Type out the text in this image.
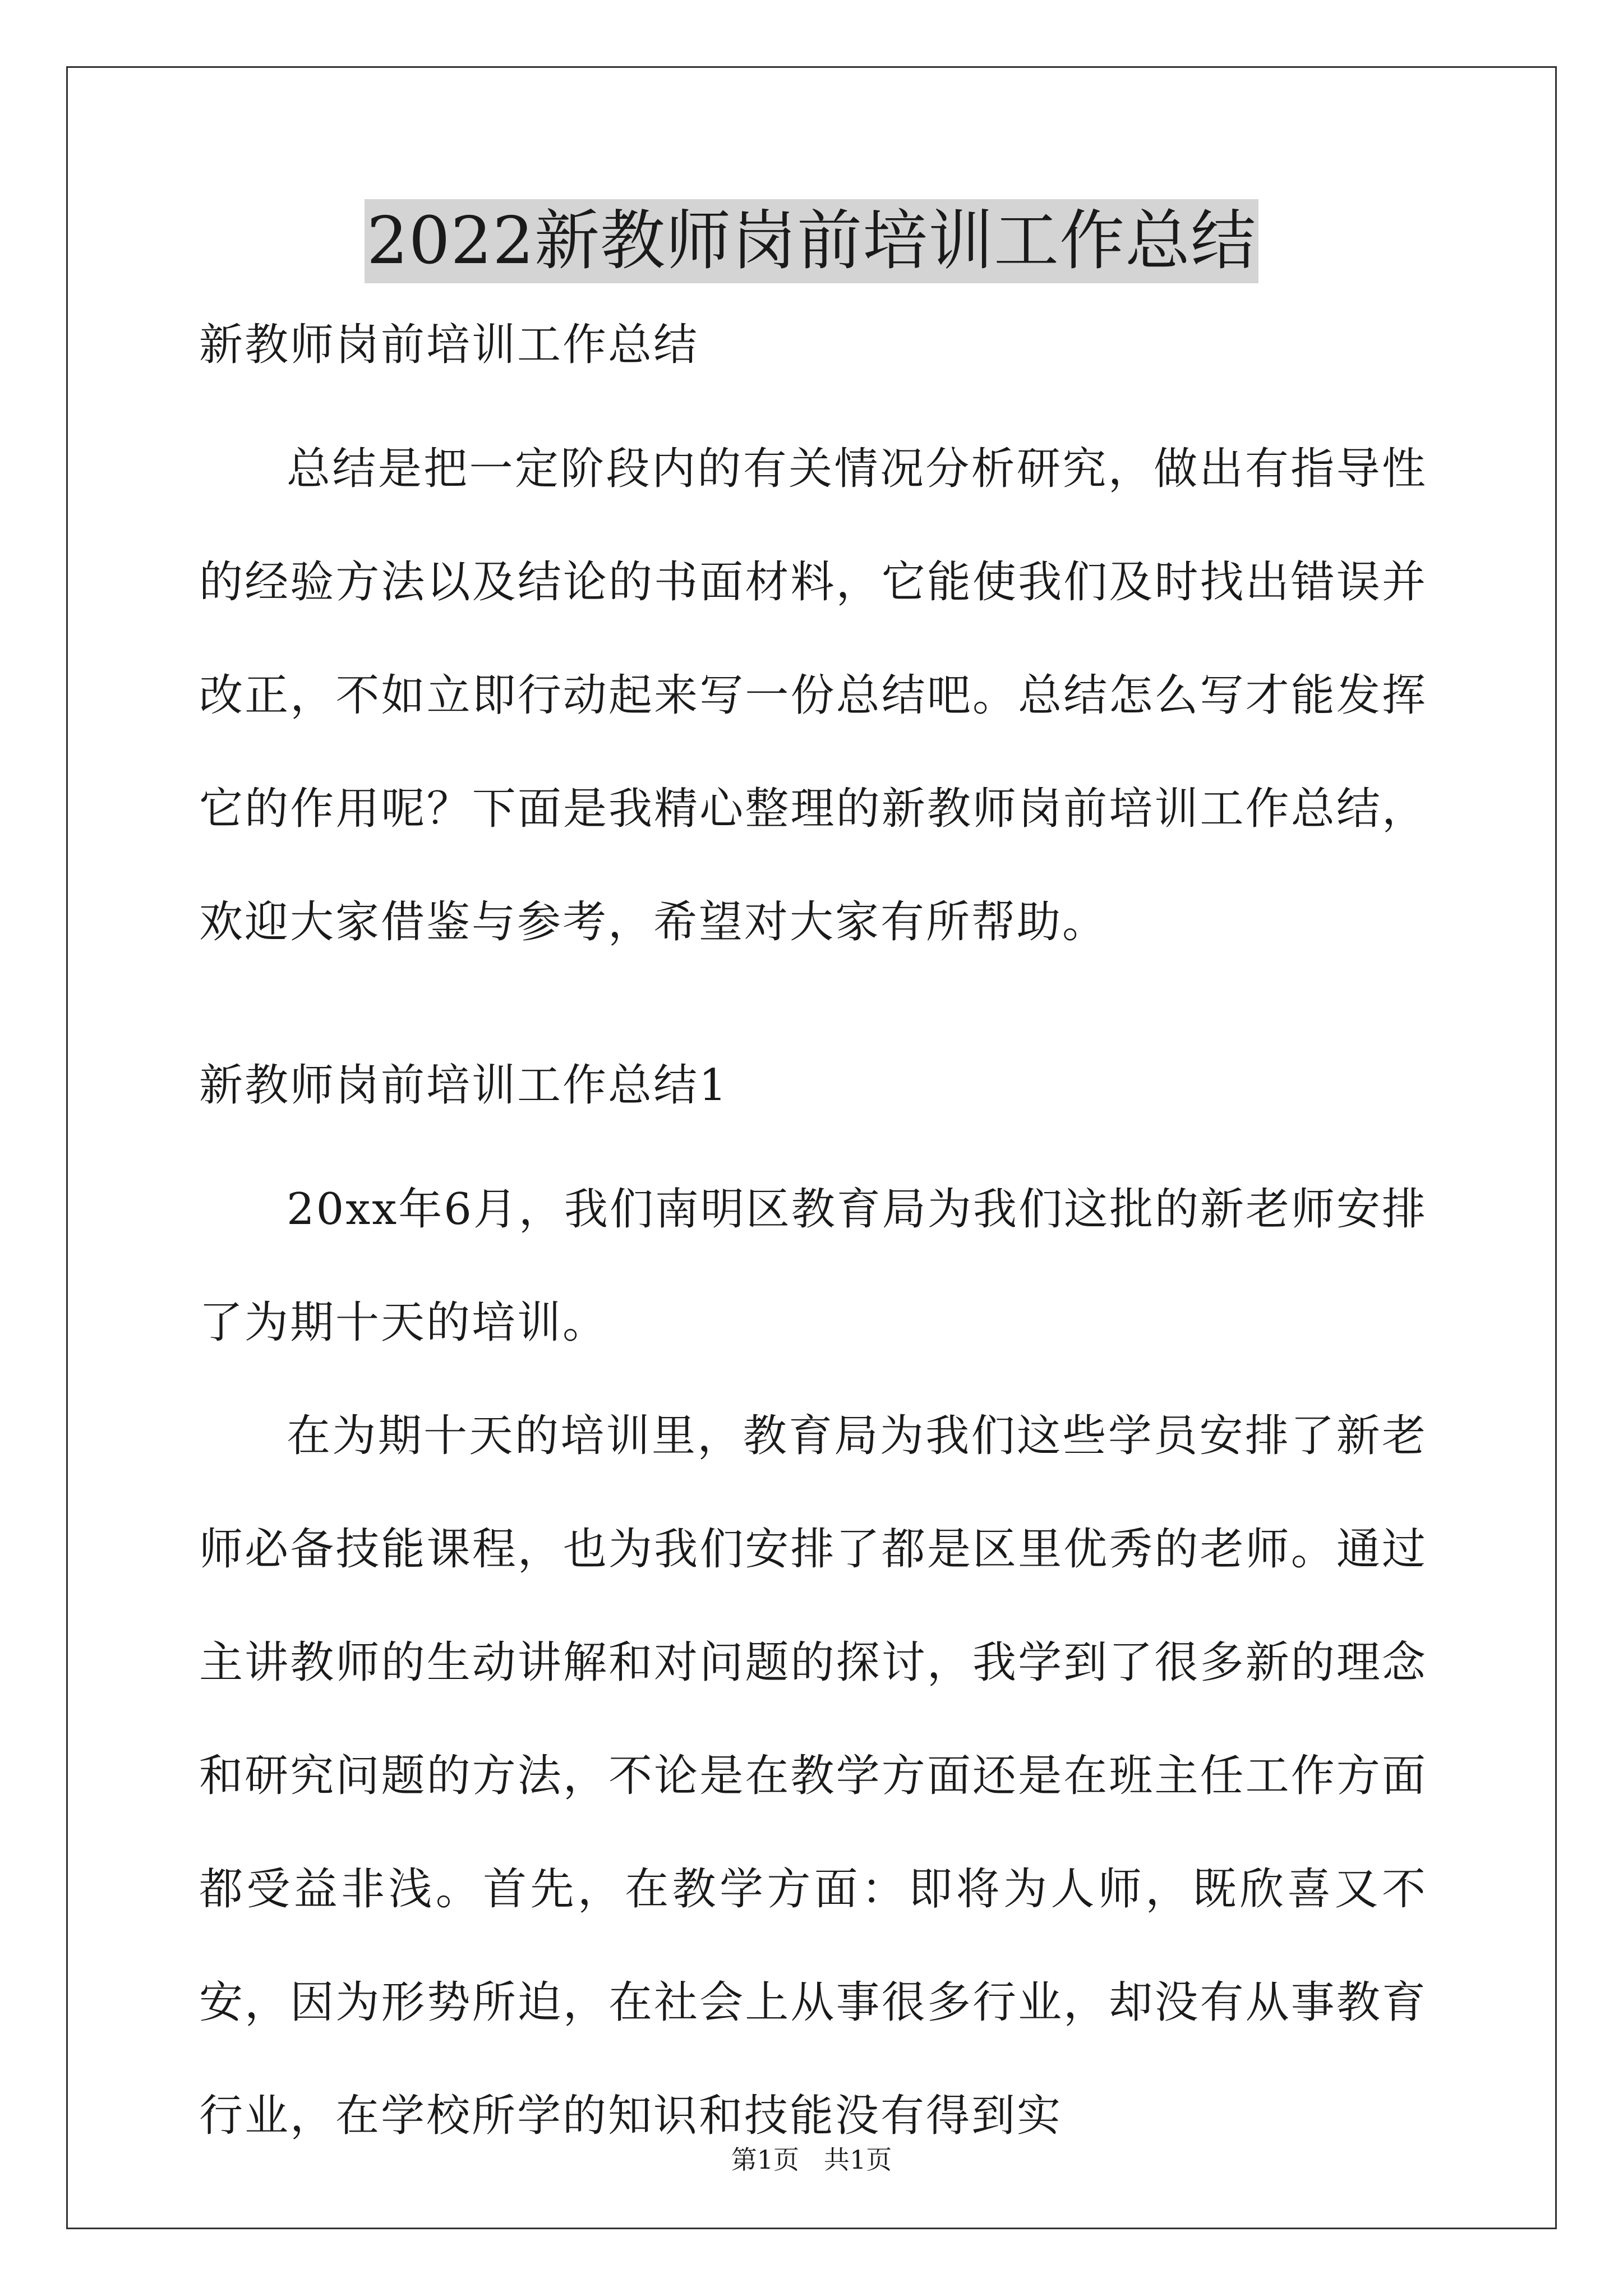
2022新教师岗前培训工作总结
新教师岗前培训工作总结

总结是把一定阶段内的有关情况分析研究，做出有指导性的经验方法以及结论的书面材料，它能使我们及时找出错误并改正，不如立即行动起来写一份总结吧。总结怎么写才能发挥它的作用呢？下面是我精心整理的新教师岗前培训工作总结，欢迎大家借鉴与参考，希望对大家有所帮助。

新教师岗前培训工作总结1

20xx年6月，我们南明区教育局为我们这批的新老师安排了为期十天的培训。

在为期十天的培训里，教育局为我们这些学员安排了新老师必备技能课程，也为我们安排了都是区里优秀的老师。通过主讲教师的生动讲解和对问题的探讨，我学到了很多新的理念和研究问题的方法，不论是在教学方面还是在班主任工作方面都受益非浅。首先，在教学方面：即将为人师，既欣喜又不安，因为形势所迫，在社会上从事很多行业，却没有从事教育行业，在学校所学的知识和技能没有得到实

第1页 共1页
